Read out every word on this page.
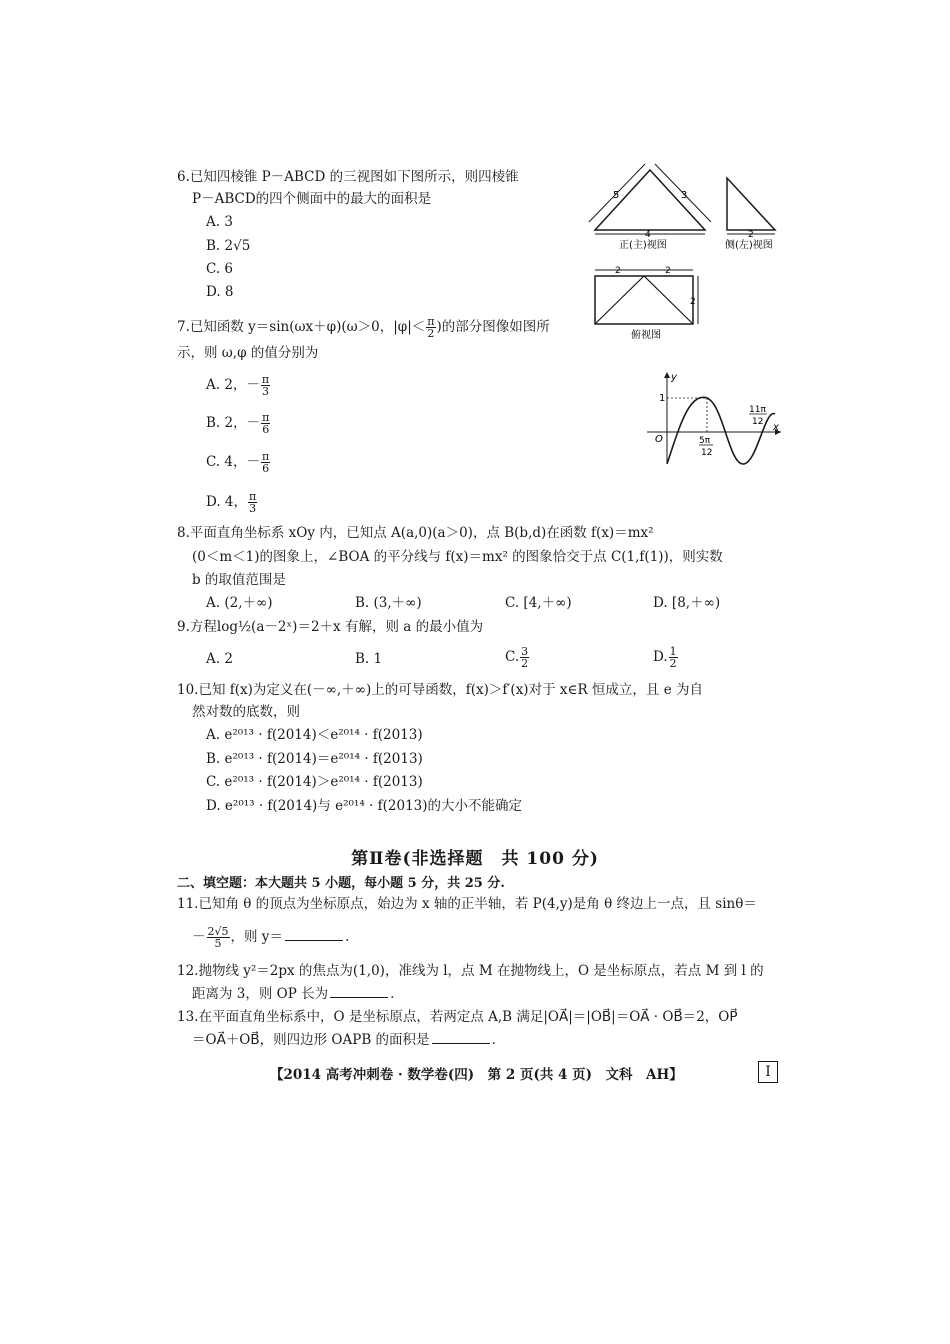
6.已知四棱锥 P－ABCD 的三视图如下图所示，则四棱锥
P－ABCD的四个侧面中的最大的面积是
A. 3
B. 2√5
C. 6
D. 8
5	3
4
正(主)视图
2
侧(左)视图
2	2
2
俯视图
7.已知函数 y＝sin(ωx＋φ)(ω＞0，$|\varphi|< \frac{\pi}{2}$ )的部分图像如图所
示，则 ω,φ 的值分别为
A. 2，－ $\frac{\pi}{3}$
B. 2，－ $\frac{\pi}{6}$
C. 4，－ $\frac{\pi}{6}$
D. 4， $\frac{\pi}{3}$
y
x
O
1
5π
12
11π
12
8.平面直角坐标系 xOy 内，已知点 A(a,0)(a＞0)，点 B(b,d)在函数 f(x)＝mx²
(0＜m＜1)的图象上，∠BOA 的平分线与 f(x)＝mx² 的图象恰交于点 C(1,f(1))，则实数
b 的取值范围是
A. (2,＋∞)	B. (3,＋∞)	C. [4,＋∞)	D. [8,＋∞)
9.方程log½(a－2ˣ)＝2＋x 有解，则 a 的最小值为
A. 2	B. 1	C. $\frac{3}{2}$	D. $\frac{1}{2}$
10.已知 f(x)为定义在(－∞,＋∞)上的可导函数，f(x)＞f′(x)对于 x∈R 恒成立，且 e 为自
然对数的底数，则
A. e²⁰¹³ · f(2014)＜e²⁰¹⁴ · f(2013)
B. e²⁰¹³ · f(2014)＝e²⁰¹⁴ · f(2013)
C. e²⁰¹³ · f(2014)＞e²⁰¹⁴ · f(2013)
D. e²⁰¹³ · f(2014)与 e²⁰¹⁴ · f(2013)的大小不能确定
第Ⅱ卷(非选择题　共 100 分)
二、填空题：本大题共 5 小题，每小题 5 分，共 25 分.
11.已知角 θ 的顶点为坐标原点，始边为 x 轴的正半轴，若 P(4,y)是角 θ 终边上一点，且 sinθ＝
－ $\frac{2√5}{5}$ ，则 y＝	.
12.抛物线 y²＝2px 的焦点为(1,0)，准线为 l，点 M 在抛物线上，O 是坐标原点，若点 M 到 l 的
距离为 3，则 OP 长为	.
13.在平面直角坐标系中，O 是坐标原点，若两定点 A,B 满足|OA⃗|＝|OB⃗|＝OA⃗ · OB⃗＝2，OP⃗
＝OA⃗＋OB⃗，则四边形 OAPB 的面积是	.
【2014 高考冲刺卷 · 数学卷(四)　第 2 页(共 4 页)　文科　AH】	Ⅰ
